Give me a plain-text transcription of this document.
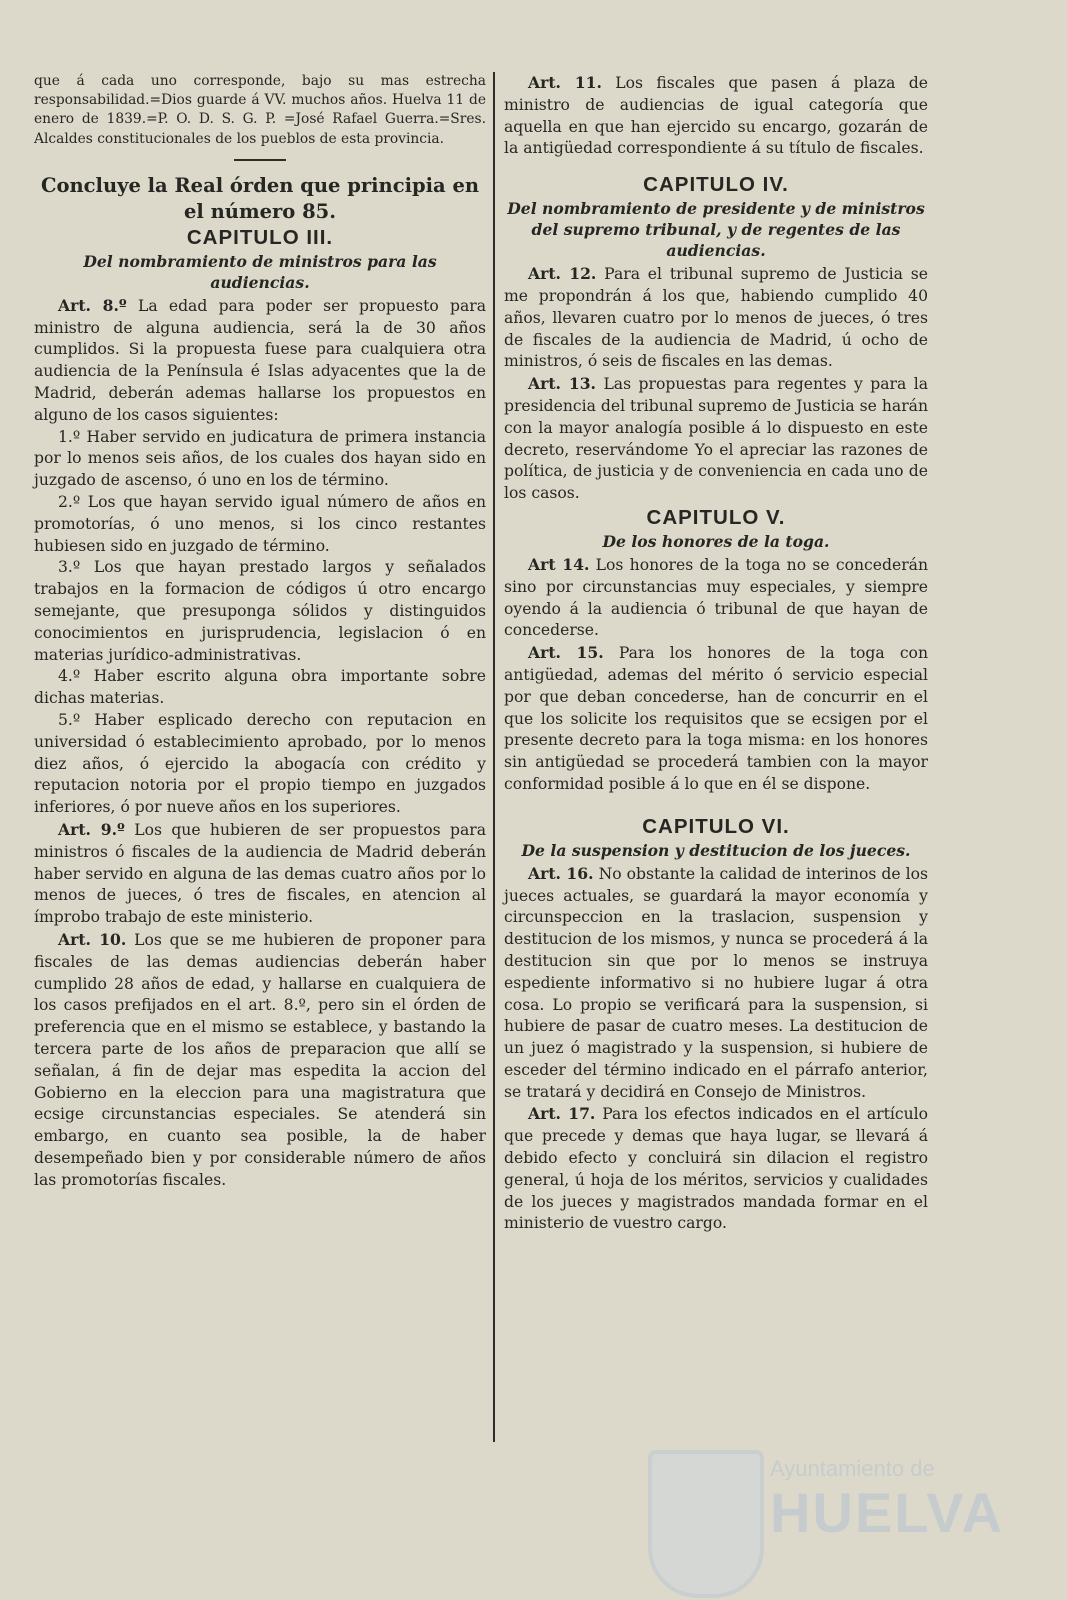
que á cada uno corresponde, bajo su mas estrecha responsabilidad.=Dios guarde á VV. muchos años. Huelva 11 de enero de 1839.=P. O. D. S. G. P. =José Rafael Guerra.=Sres. Alcaldes constitucionales de los pueblos de esta provincia.

Concluye la Real órden que principia en el número 85.

CAPITULO III.

Del nombramiento de ministros para las audiencias.

Art. 8.º La edad para poder ser propuesto para ministro de alguna audiencia, será la de 30 años cumplidos. Si la propuesta fuese para cualquiera otra audiencia de la Península é Islas adyacentes que la de Madrid, deberán ademas hallarse los propuestos en alguno de los casos siguientes:

1.º Haber servido en judicatura de primera instancia por lo menos seis años, de los cuales dos hayan sido en juzgado de ascenso, ó uno en los de término.

2.º Los que hayan servido igual número de años en promotorías, ó uno menos, si los cinco restantes hubiesen sido en juzgado de término.

3.º Los que hayan prestado largos y señalados trabajos en la formacion de códigos ú otro encargo semejante, que presuponga sólidos y distinguidos conocimientos en jurisprudencia, legislacion ó en materias jurídico-administrativas.

4.º Haber escrito alguna obra importante sobre dichas materias.

5.º Haber esplicado derecho con reputacion en universidad ó establecimiento aprobado, por lo menos diez años, ó ejercido la abogacía con crédito y reputacion notoria por el propio tiempo en juzgados inferiores, ó por nueve años en los superiores.

Art. 9.º Los que hubieren de ser propuestos para ministros ó fiscales de la audiencia de Madrid deberán haber servido en alguna de las demas cuatro años por lo menos de jueces, ó tres de fiscales, en atencion al ímprobo trabajo de este ministerio.

Art. 10. Los que se me hubieren de proponer para fiscales de las demas audiencias deberán haber cumplido 28 años de edad, y hallarse en cualquiera de los casos prefijados en el art. 8.º, pero sin el órden de preferencia que en el mismo se establece, y bastando la tercera parte de los años de preparacion que allí se señalan, á fin de dejar mas espedita la accion del Gobierno en la eleccion para una magistratura que ecsige circunstancias especiales. Se atenderá sin embargo, en cuanto sea posible, la de haber desempeñado bien y por considerable número de años las promotorías fiscales.

Art. 11. Los fiscales que pasen á plaza de ministro de audiencias de igual categoría que aquella en que han ejercido su encargo, gozarán de la antigüedad correspondiente á su título de fiscales.

CAPITULO IV.

Del nombramiento de presidente y de ministros del supremo tribunal, y de regentes de las audiencias.

Art. 12. Para el tribunal supremo de Justicia se me propondrán á los que, habiendo cumplido 40 años, llevaren cuatro por lo menos de jueces, ó tres de fiscales de la audiencia de Madrid, ú ocho de ministros, ó seis de fiscales en las demas.

Art. 13. Las propuestas para regentes y para la presidencia del tribunal supremo de Justicia se harán con la mayor analogía posible á lo dispuesto en este decreto, reservándome Yo el apreciar las razones de política, de justicia y de conveniencia en cada uno de los casos.

CAPITULO V.

De los honores de la toga.

Art 14. Los honores de la toga no se concederán sino por circunstancias muy especiales, y siempre oyendo á la audiencia ó tribunal de que hayan de concederse.

Art. 15. Para los honores de la toga con antigüedad, ademas del mérito ó servicio especial por que deban concederse, han de concurrir en el que los solicite los requisitos que se ecsigen por el presente decreto para la toga misma: en los honores sin antigüedad se procederá tambien con la mayor conformidad posible á lo que en él se dispone.

CAPITULO VI.

De la suspension y destitucion de los jueces.

Art. 16. No obstante la calidad de interinos de los jueces actuales, se guardará la mayor economía y circunspeccion en la traslacion, suspension y destitucion de los mismos, y nunca se procederá á la destitucion sin que por lo menos se instruya espediente informativo si no hubiere lugar á otra cosa. Lo propio se verificará para la suspension, si hubiere de pasar de cuatro meses. La destitucion de un juez ó magistrado y la suspension, si hubiere de esceder del término indicado en el párrafo anterior, se tratará y decidirá en Consejo de Ministros.

Art. 17. Para los efectos indicados en el artículo que precede y demas que haya lugar, se llevará á debido efecto y concluirá sin dilacion el registro general, ú hoja de los méritos, servicios y cualidades de los jueces y magistrados mandada formar en el ministerio de vuestro cargo.

Ayuntamiento de
HUELVA
